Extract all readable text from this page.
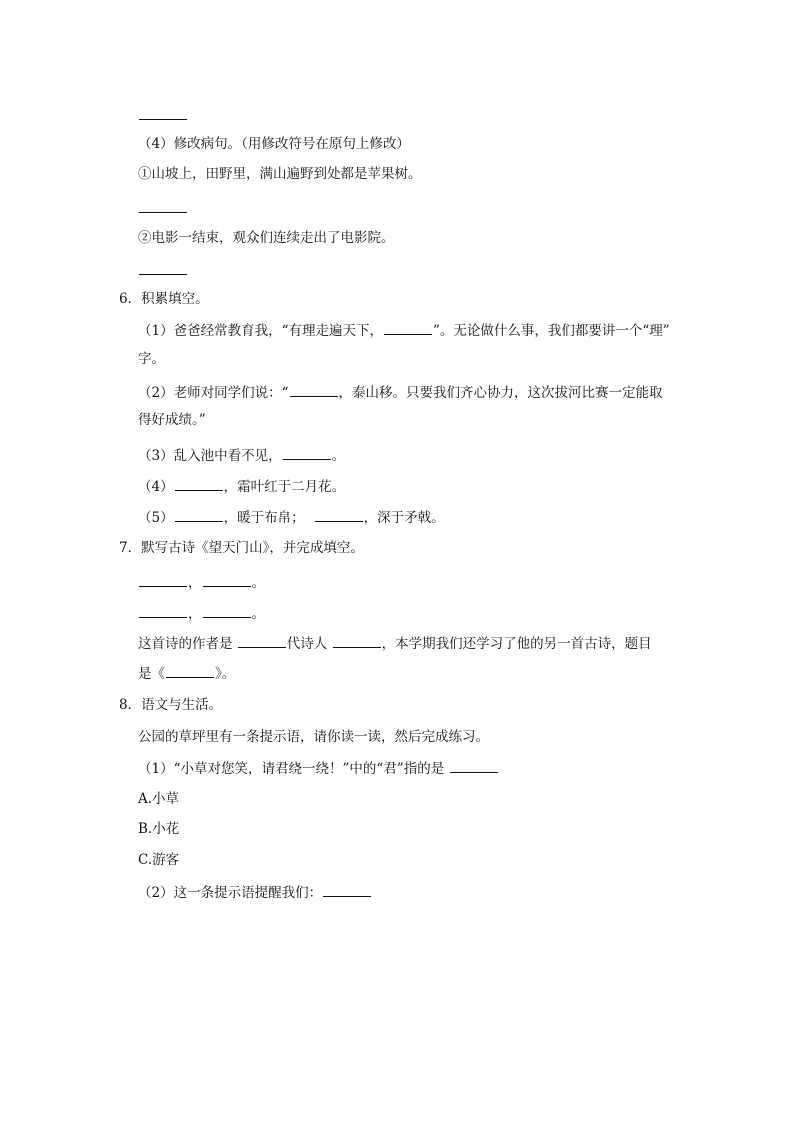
（4）修改病句。（用修改符号在原句上修改）
①山坡上，田野里，满山遍野到处都是苹果树。
②电影一结束，观众们连续走出了电影院。
6．积累填空。
（1）爸爸经常教育我，“有理走遍天下，	”。无论做什么事，我们都要讲一个“理”
字。
（2）老师对同学们说：“	，泰山移。只要我们齐心协力，这次拔河比赛一定能取
得好成绩。”
（3）乱入池中看不见，	。
（4）	，霜叶红于二月花。
（5）	，暖于布帛；	，深于矛戟。
7．默写古诗《望天门山》，并完成填空。
，	。
，	。
这首诗的作者是	代诗人	，本学期我们还学习了他的另一首古诗，题目
是《	》。
8．语文与生活。
公园的草坪里有一条提示语，请你读一读，然后完成练习。
（1）“小草对您笑，请君绕一绕！”中的“君”指的是
A.小草
B.小花
C.游客
（2）这一条提示语提醒我们：
